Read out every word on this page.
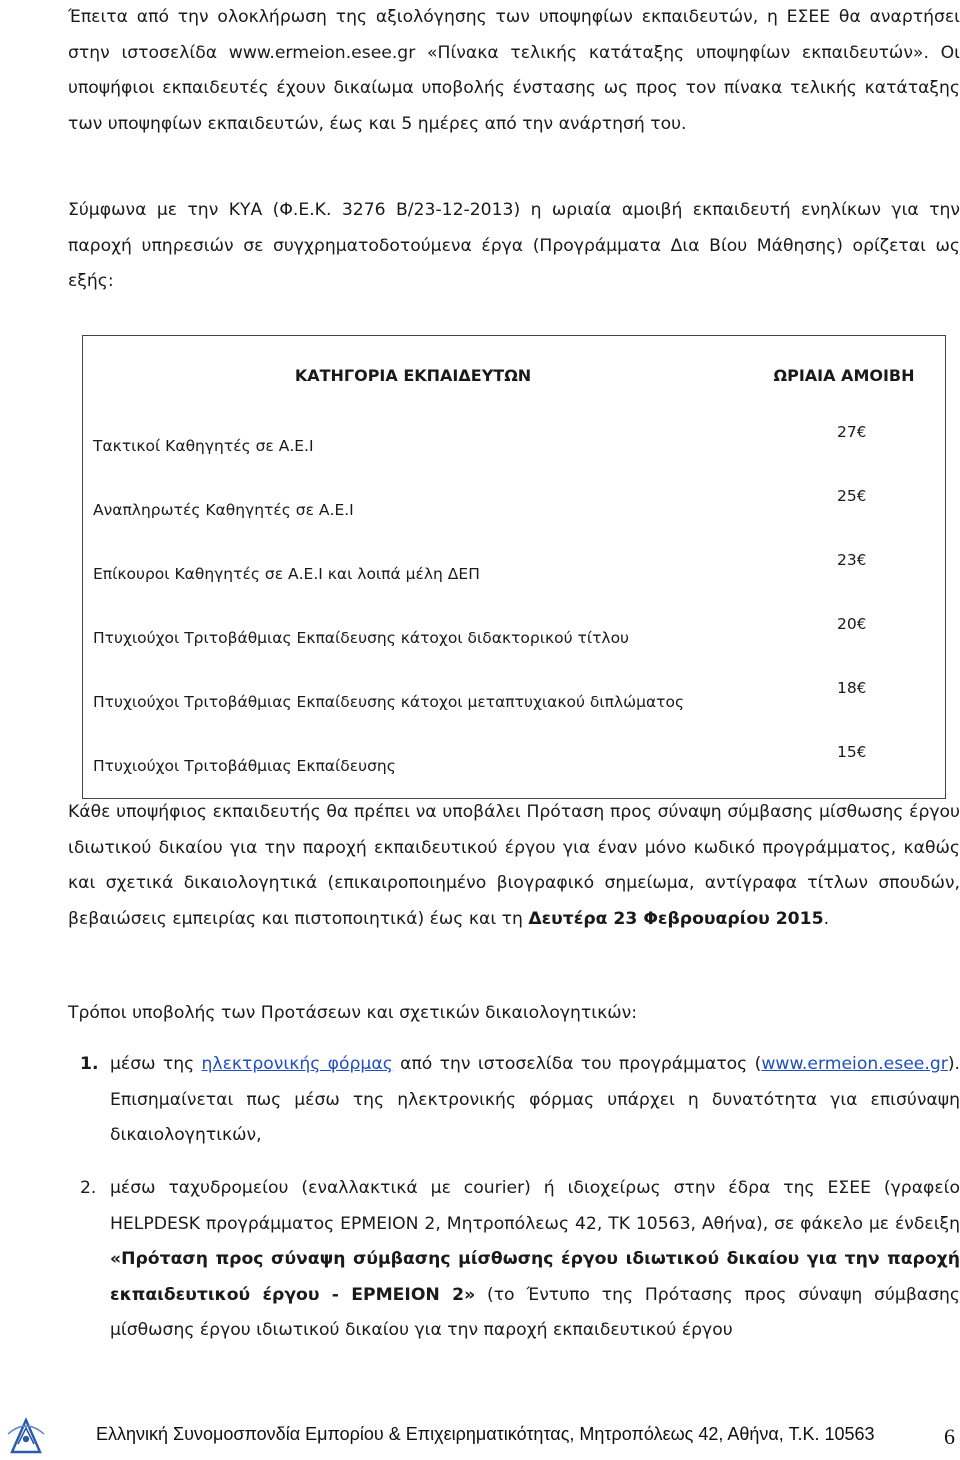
Έπειτα από την ολοκλήρωση της αξιολόγησης των υποψηφίων εκπαιδευτών, η ΕΣΕΕ θα αναρτήσει στην ιστοσελίδα www.ermeion.esee.gr «Πίνακα τελικής κατάταξης υποψηφίων εκπαιδευτών». Οι υποψήφιοι εκπαιδευτές έχουν δικαίωμα υποβολής ένστασης ως προς τον πίνακα τελικής κατάταξης των υποψηφίων εκπαιδευτών, έως και 5 ημέρες από την ανάρτησή του.

Σύμφωνα με την ΚΥΑ (Φ.Ε.Κ. 3276 Β/23-12-2013) η ωριαία αμοιβή εκπαιδευτή ενηλίκων για την παροχή υπηρεσιών σε συγχρηματοδοτούμενα έργα (Προγράμματα Δια Βίου Μάθησης) ορίζεται ως εξής:

ΚΑΤΗΓΟΡΙΑ ΕΚΠΑΙΔΕΥΤΩΝ	ΩΡΙΑΙΑ ΑΜΟΙΒΗ
Τακτικοί Καθηγητές σε Α.Ε.Ι	27€
Αναπληρωτές Καθηγητές σε Α.Ε.Ι	25€
Επίκουροι Καθηγητές σε Α.Ε.Ι και λοιπά μέλη ΔΕΠ	23€
Πτυχιούχοι Τριτοβάθμιας Εκπαίδευσης κάτοχοι διδακτορικού τίτλου	20€
Πτυχιούχοι Τριτοβάθμιας Εκπαίδευσης κάτοχοι μεταπτυχιακού διπλώματος	18€
Πτυχιούχοι Τριτοβάθμιας Εκπαίδευσης	15€

Κάθε υποψήφιος εκπαιδευτής θα πρέπει να υποβάλει Πρόταση προς σύναψη σύμβασης μίσθωσης έργου ιδιωτικού δικαίου για την παροχή εκπαιδευτικού έργου για έναν μόνο κωδικό προγράμματος, καθώς και σχετικά δικαιολογητικά (επικαιροποιημένο βιογραφικό σημείωμα, αντίγραφα τίτλων σπουδών, βεβαιώσεις εμπειρίας και πιστοποιητικά) έως και τη Δευτέρα 23 Φεβρουαρίου 2015.

Τρόποι υποβολής των Προτάσεων και σχετικών δικαιολογητικών:

1. μέσω της ηλεκτρονικής φόρμας από την ιστοσελίδα του προγράμματος (www.ermeion.esee.gr). Επισημαίνεται πως μέσω της ηλεκτρονικής φόρμας υπάρχει η δυνατότητα για επισύναψη δικαιολογητικών,

2. μέσω ταχυδρομείου (εναλλακτικά με courier) ή ιδιοχείρως στην έδρα της ΕΣΕΕ (γραφείο HELPDESK προγράμματος ΕΡΜΕΙΟΝ 2, Μητροπόλεως 42, ΤΚ 10563, Αθήνα), σε φάκελο με ένδειξη «Πρόταση προς σύναψη σύμβασης μίσθωσης έργου ιδιωτικού δικαίου για την παροχή εκπαιδευτικού έργου - ΕΡΜΕΙΟΝ 2» (το Έντυπο της Πρότασης προς σύναψη σύμβασης μίσθωσης έργου ιδιωτικού δικαίου για την παροχή εκπαιδευτικού έργου

Ελληνική Συνομοσπονδία Εμπορίου & Επιχειρηματικότητας, Μητροπόλεως 42, Αθήνα, Τ.Κ. 10563	6
